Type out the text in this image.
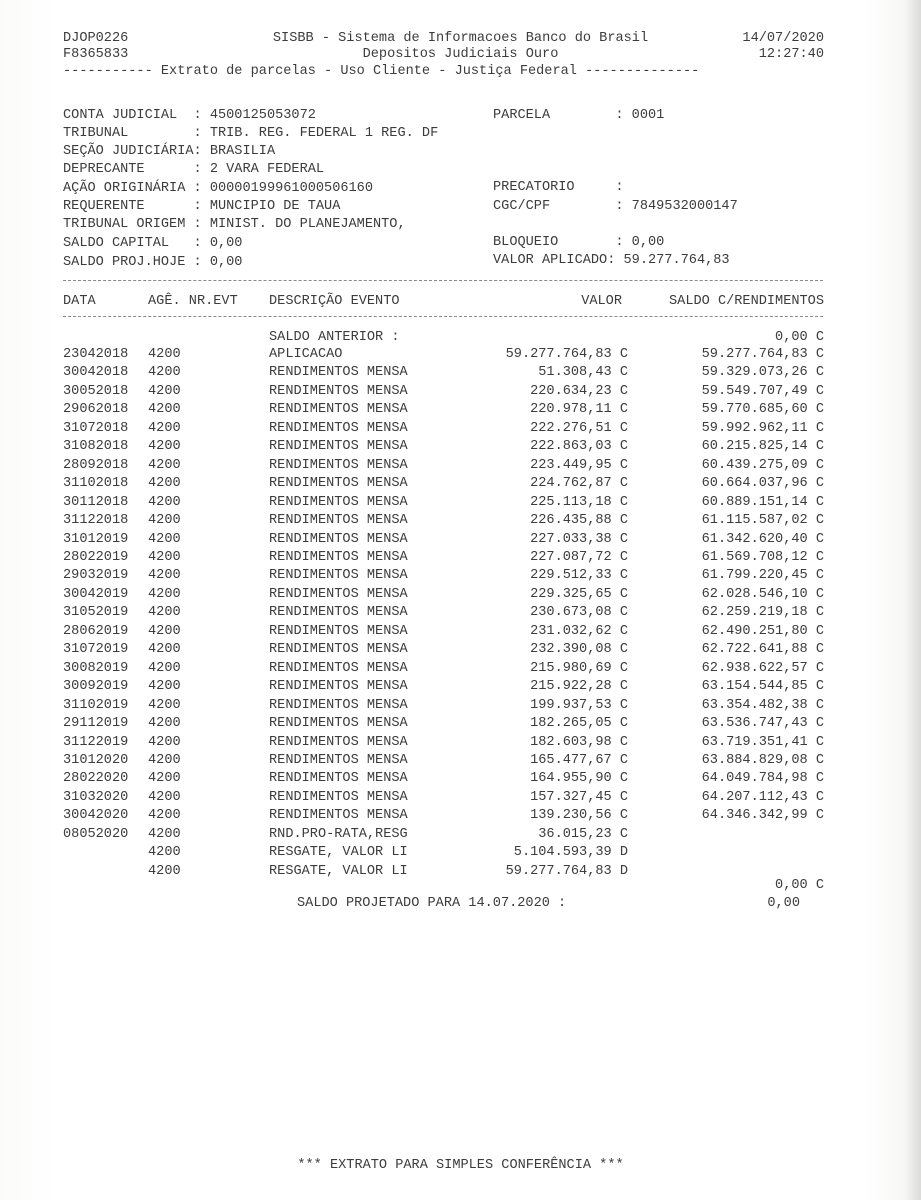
DJOP0226
F8365833
SISBB - Sistema de Informacoes Banco do Brasil
Depositos Judiciais Ouro
14/07/2020
12:27:40
----------- Extrato de parcelas - Uso Cliente - Justiça Federal --------------
CONTA JUDICIAL  : 4500125053072	PARCELA        : 0001
TRIBUNAL        : TRIB. REG. FEDERAL 1 REG. DF
SEÇÃO JUDICIÁRIA: BRASILIA
DEPRECANTE      : 2 VARA FEDERAL
AÇÃO ORIGINÁRIA : 00000199961000506160	PRECATORIO     :
REQUERENTE      : MUNCIPIO DE TAUA	CGC/CPF        : 7849532000147
TRIBUNAL ORIGEM : MINIST. DO PLANEJAMENTO,
SALDO CAPITAL   : 0,00	BLOQUEIO       : 0,00
SALDO PROJ.HOJE : 0,00	VALOR APLICADO: 59.277.764,83
DATA	AGÊ. NR.EVT DESCRIÇÃO EVENTO	VALOR	SALDO C/RENDIMENTOS
SALDO ANTERIOR :	0,00 C
23042018 4200	APLICACAO	59.277.764,83 C	59.277.764,83 C
30042018 4200	RENDIMENTOS MENSA	51.308,43 C	59.329.073,26 C
30052018 4200	RENDIMENTOS MENSA	220.634,23 C	59.549.707,49 C
29062018 4200	RENDIMENTOS MENSA	220.978,11 C	59.770.685,60 C
31072018 4200	RENDIMENTOS MENSA	222.276,51 C	59.992.962,11 C
31082018 4200	RENDIMENTOS MENSA	222.863,03 C	60.215.825,14 C
28092018 4200	RENDIMENTOS MENSA	223.449,95 C	60.439.275,09 C
31102018 4200	RENDIMENTOS MENSA	224.762,87 C	60.664.037,96 C
30112018 4200	RENDIMENTOS MENSA	225.113,18 C	60.889.151,14 C
31122018 4200	RENDIMENTOS MENSA	226.435,88 C	61.115.587,02 C
31012019 4200	RENDIMENTOS MENSA	227.033,38 C	61.342.620,40 C
28022019 4200	RENDIMENTOS MENSA	227.087,72 C	61.569.708,12 C
29032019 4200	RENDIMENTOS MENSA	229.512,33 C	61.799.220,45 C
30042019 4200	RENDIMENTOS MENSA	229.325,65 C	62.028.546,10 C
31052019 4200	RENDIMENTOS MENSA	230.673,08 C	62.259.219,18 C
28062019 4200	RENDIMENTOS MENSA	231.032,62 C	62.490.251,80 C
31072019 4200	RENDIMENTOS MENSA	232.390,08 C	62.722.641,88 C
30082019 4200	RENDIMENTOS MENSA	215.980,69 C	62.938.622,57 C
30092019 4200	RENDIMENTOS MENSA	215.922,28 C	63.154.544,85 C
31102019 4200	RENDIMENTOS MENSA	199.937,53 C	63.354.482,38 C
29112019 4200	RENDIMENTOS MENSA	182.265,05 C	63.536.747,43 C
31122019 4200	RENDIMENTOS MENSA	182.603,98 C	63.719.351,41 C
31012020 4200	RENDIMENTOS MENSA	165.477,67 C	63.884.829,08 C
28022020 4200	RENDIMENTOS MENSA	164.955,90 C	64.049.784,98 C
31032020 4200	RENDIMENTOS MENSA	157.327,45 C	64.207.112,43 C
30042020 4200	RENDIMENTOS MENSA	139.230,56 C	64.346.342,99 C
08052020 4200	RND.PRO-RATA,RESG	36.015,23 C
4200	RESGATE, VALOR LI	5.104.593,39 D
4200	RESGATE, VALOR LI	59.277.764,83 D
0,00 C
SALDO PROJETADO PARA 14.07.2020 :	0,00
*** EXTRATO PARA SIMPLES CONFERÊNCIA ***
